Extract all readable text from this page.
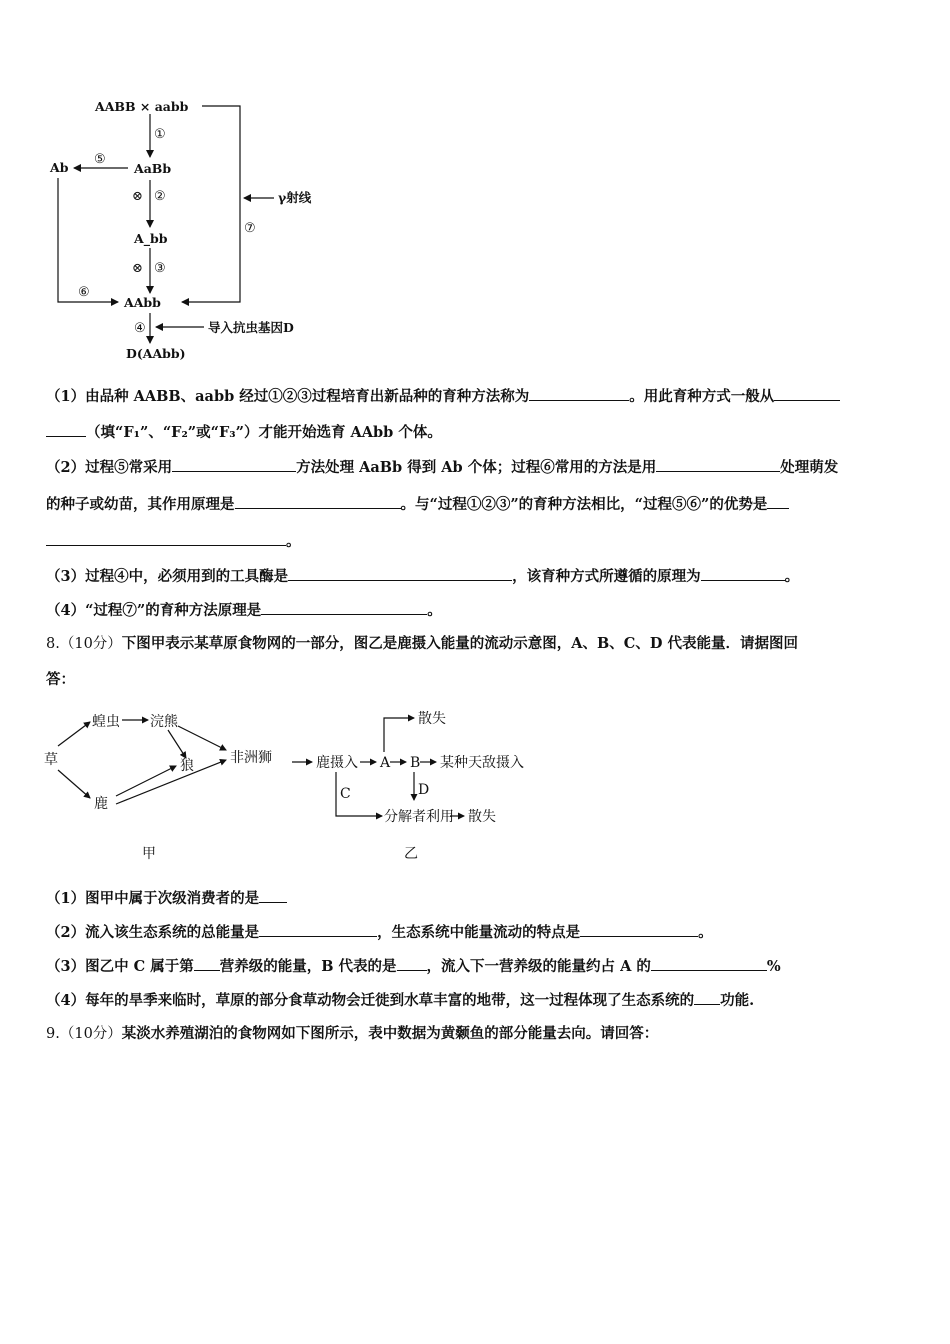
AABB × aabb
AaBb
Ab
A_bb
AAbb
D(AAbb)
①
⊗ ②
⊗ ③
④
⑤
⑥
⑦
γ射线
导入抗虫基因D
（1）由品种 AABB、aabb 经过①②③过程培育出新品种的育种方法称为	。用此育种方式一般从
（填“F₁”、“F₂”或“F₃”）才能开始选育 AAbb 个体。
（2）过程⑤常采用	方法处理 AaBb 得到 Ab 个体；过程⑥常用的方法是用	处理萌发
的种子或幼苗，其作用原理是	。与“过程①②③”的育种方法相比，“过程⑤⑥”的优势是
。
（3）过程④中，必须用到的工具酶是	，该育种方式所遵循的原理为	。
（4）“过程⑦”的育种方法原理是	。
8.（10分）下图甲表示某草原食物网的一部分，图乙是鹿摄入能量的流动示意图，A、B、C、D 代表能量．请据图回
答：
草
蝗虫 浣熊
狼	非洲狮
鹿
甲
鹿摄入 A B 某种天敌摄入
散失
C	D
分解者利用 散失
乙
（1）图甲中属于次级消费者的是
（2）流入该生态系统的总能量是	，生态系统中能量流动的特点是	。
（3）图乙中 C 属于第 营养级的能量，B 代表的是 ，流入下一营养级的能量约占 A 的	%
（4）每年的旱季来临时，草原的部分食草动物会迁徙到水草丰富的地带，这一过程体现了生态系统的 功能.
9.（10分）某淡水养殖湖泊的食物网如下图所示，表中数据为黄颡鱼的部分能量去向。请回答：
